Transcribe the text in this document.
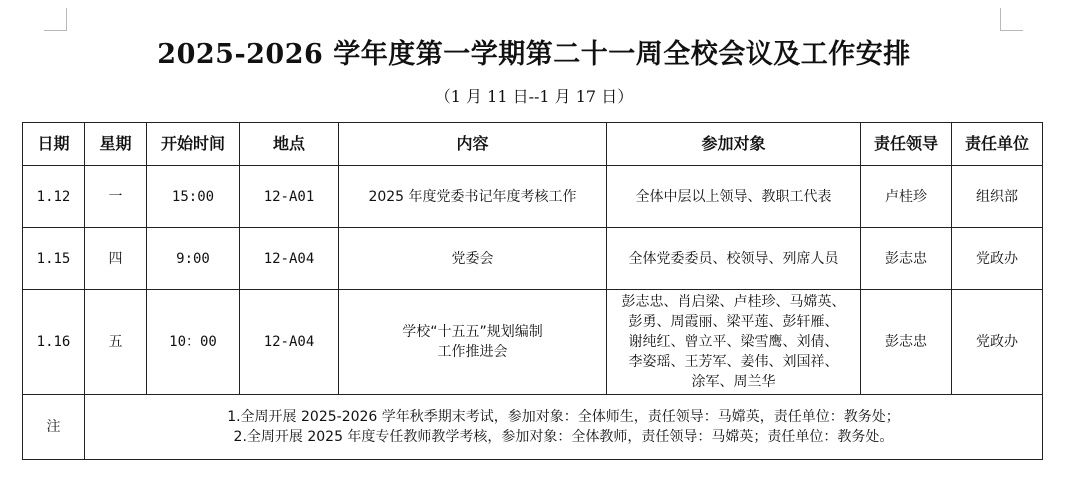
2025-2026 学年度第一学期第二十一周全校会议及工作安排
（1 月 11 日--1 月 17 日）
日期	星期	开始时间	地点	内容	参加对象	责任领导	责任单位
1.12	一	15:00	12-A01	2025 年度党委书记年度考核工作	全体中层以上领导、教职工代表	卢桂珍	组织部
1.15	四	9:00	12-A04	党委会	全体党委委员、校领导、列席人员	彭志忠	党政办
1.16	五	10：00	12-A04	学校“十五五”规划编制
工作推进会	彭志忠、肖启梁、卢桂珍、马嫦英、
彭勇、周霞丽、梁平莲、彭轩雁、
谢纯红、曾立平、梁雪鹰、刘倩、
李姿瑶、王芳军、姜伟、刘国祥、
涂军、周兰华	彭志忠	党政办
注	1.全周开展 2025-2026 学年秋季期末考试，参加对象：全体师生，责任领导：马嫦英，责任单位：教务处；
2.全周开展 2025 年度专任教师教学考核，参加对象：全体教师，责任领导：马嫦英；责任单位：教务处。						
